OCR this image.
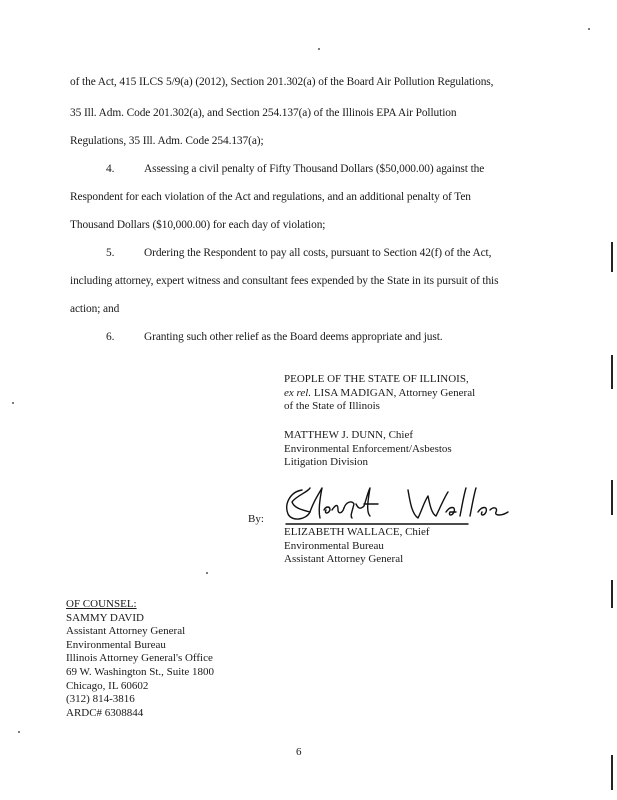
of the Act, 415 ILCS 5/9(a) (2012), Section 201.302(a) of the Board Air Pollution Regulations,
35 Ill. Adm. Code 201.302(a), and Section 254.137(a) of the Illinois EPA Air Pollution
Regulations, 35 Ill. Adm. Code 254.137(a);
4.	Assessing a civil penalty of Fifty Thousand Dollars ($50,000.00) against the
Respondent for each violation of the Act and regulations, and an additional penalty of Ten
Thousand Dollars ($10,000.00) for each day of violation;
5.	Ordering the Respondent to pay all costs, pursuant to Section 42(f) of the Act,
including attorney, expert witness and consultant fees expended by the State in its pursuit of this
action; and
6.	Granting such other relief as the Board deems appropriate and just.
PEOPLE OF THE STATE OF ILLINOIS,
ex rel. LISA MADIGAN, Attorney General
of the State of Illinois
MATTHEW J. DUNN, Chief
Environmental Enforcement/Asbestos
Litigation Division
By:
ELIZABETH WALLACE, Chief
Environmental Bureau
Assistant Attorney General
OF COUNSEL:
SAMMY DAVID
Assistant Attorney General
Environmental Bureau
Illinois Attorney General's Office
69 W. Washington St., Suite 1800
Chicago, IL 60602
(312) 814-3816
ARDC# 6308844
6
